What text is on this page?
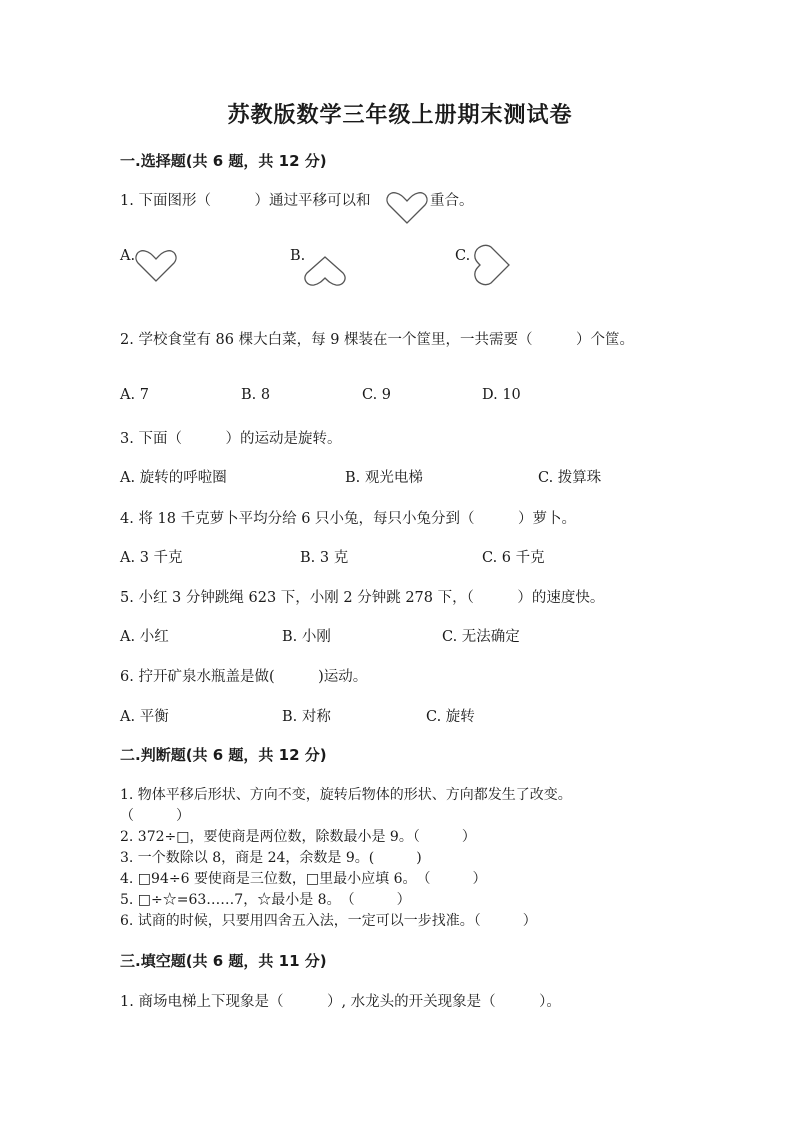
苏教版数学三年级上册期末测试卷
一.选择题(共 6 题，共 12 分)
1. 下面图形（　　　）通过平移可以和	重合。
A.	B.	C.
2. 学校食堂有 86 棵大白菜，每 9 棵装在一个筐里，一共需要（　　　）个筐。
A. 7	B. 8	C. 9	D. 10
3. 下面（　　　）的运动是旋转。
A. 旋转的呼啦圈	B. 观光电梯	C. 拨算珠
4. 将 18 千克萝卜平均分给 6 只小兔，每只小兔分到（　　　）萝卜。
A. 3 千克	B. 3 克	C. 6 千克
5. 小红 3 分钟跳绳 623 下，小刚 2 分钟跳 278 下，（　　　）的速度快。
A. 小红	B. 小刚	C. 无法确定
6. 拧开矿泉水瓶盖是做(　　　)运动。
A. 平衡	B. 对称	C. 旋转
二.判断题(共 6 题，共 12 分)
1. 物体平移后形状、方向不变，旋转后物体的形状、方向都发生了改变。
（　　　）
2. 372÷□，要使商是两位数，除数最小是 9。（　　　）
3. 一个数除以 8，商是 24，余数是 9。(　　　)
4. □94÷6 要使商是三位数，□里最小应填 6。　（　　　）
5. □÷☆=63……7，☆最小是 8。　（　　　）
6. 试商的时候，只要用四舍五入法，一定可以一步找准。（　　　）
三.填空题(共 6 题，共 11 分)
1. 商场电梯上下现象是（　　　）, 水龙头的开关现象是（　　　）。
